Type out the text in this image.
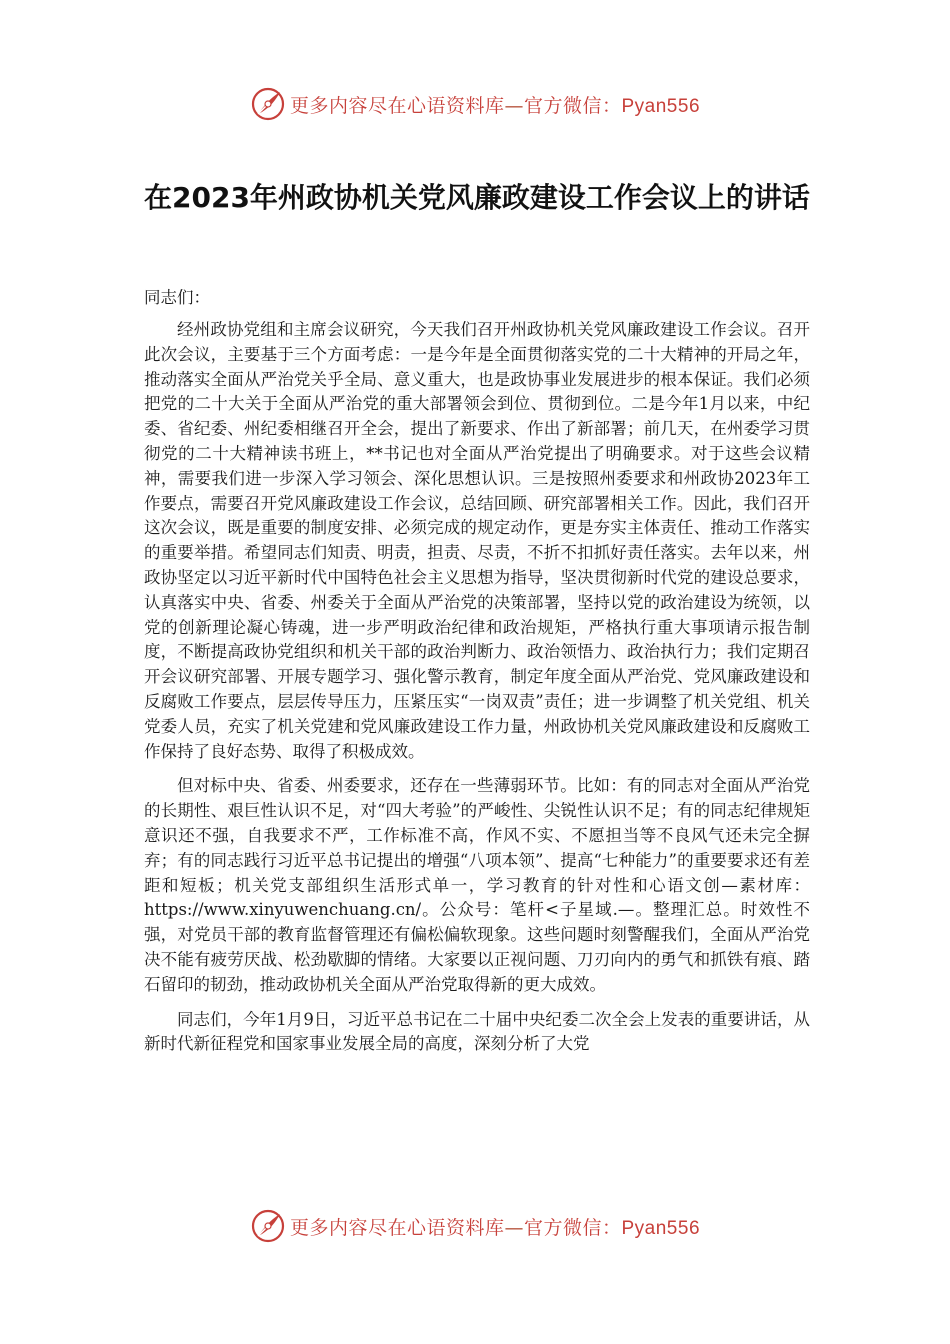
更多内容尽在心语资料库—官方微信：Pyan556
在2023年州政协机关党风廉政建设工作会议上的讲话
同志们：

经州政协党组和主席会议研究，今天我们召开州政协机关党风廉政建设工作会议。召开此次会议，主要基于三个方面考虑：一是今年是全面贯彻落实党的二十大精神的开局之年，推动落实全面从严治党关乎全局、意义重大，也是政协事业发展进步的根本保证。我们必须把党的二十大关于全面从严治党的重大部署领会到位、贯彻到位。二是今年1月以来，中纪委、省纪委、州纪委相继召开全会，提出了新要求、作出了新部署；前几天，在州委学习贯彻党的二十大精神读书班上，**书记也对全面从严治党提出了明确要求。对于这些会议精神，需要我们进一步深入学习领会、深化思想认识。三是按照州委要求和州政协2023年工作要点，需要召开党风廉政建设工作会议，总结回顾、研究部署相关工作。因此，我们召开这次会议，既是重要的制度安排、必须完成的规定动作，更是夯实主体责任、推动工作落实的重要举措。希望同志们知责、明责，担责、尽责，不折不扣抓好责任落实。去年以来，州政协坚定以习近平新时代中国特色社会主义思想为指导，坚决贯彻新时代党的建设总要求，认真落实中央、省委、州委关于全面从严治党的决策部署，坚持以党的政治建设为统领，以党的创新理论凝心铸魂，进一步严明政治纪律和政治规矩，严格执行重大事项请示报告制度，不断提高政协党组织和机关干部的政治判断力、政治领悟力、政治执行力；我们定期召开会议研究部署、开展专题学习、强化警示教育，制定年度全面从严治党、党风廉政建设和反腐败工作要点，层层传导压力，压紧压实“一岗双责”责任；进一步调整了机关党组、机关党委人员，充实了机关党建和党风廉政建设工作力量，州政协机关党风廉政建设和反腐败工作保持了良好态势、取得了积极成效。

但对标中央、省委、州委要求，还存在一些薄弱环节。比如：有的同志对全面从严治党的长期性、艰巨性认识不足，对“四大考验”的严峻性、尖锐性认识不足；有的同志纪律规矩意识还不强，自我要求不严，工作标准不高，作风不实、不愿担当等不良风气还未完全摒弃；有的同志践行习近平总书记提出的增强“八项本领”、提高“七种能力”的重要要求还有差距和短板；机关党支部组织生活形式单一，学习教育的针对性和心语文创—素材库：https://www.xinyuwenchuang.cn/。公众号：笔杆<子星域.—。整理汇总。时效性不强，对党员干部的教育监督管理还有偏松偏软现象。这些问题时刻警醒我们，全面从严治党决不能有疲劳厌战、松劲歇脚的情绪。大家要以正视问题、刀刃向内的勇气和抓铁有痕、踏石留印的韧劲，推动政协机关全面从严治党取得新的更大成效。

同志们，今年1月9日，习近平总书记在二十届中央纪委二次全会上发表的重要讲话，从新时代新征程党和国家事业发展全局的高度，深刻分析了大党

更多内容尽在心语资料库—官方微信：Pyan556
